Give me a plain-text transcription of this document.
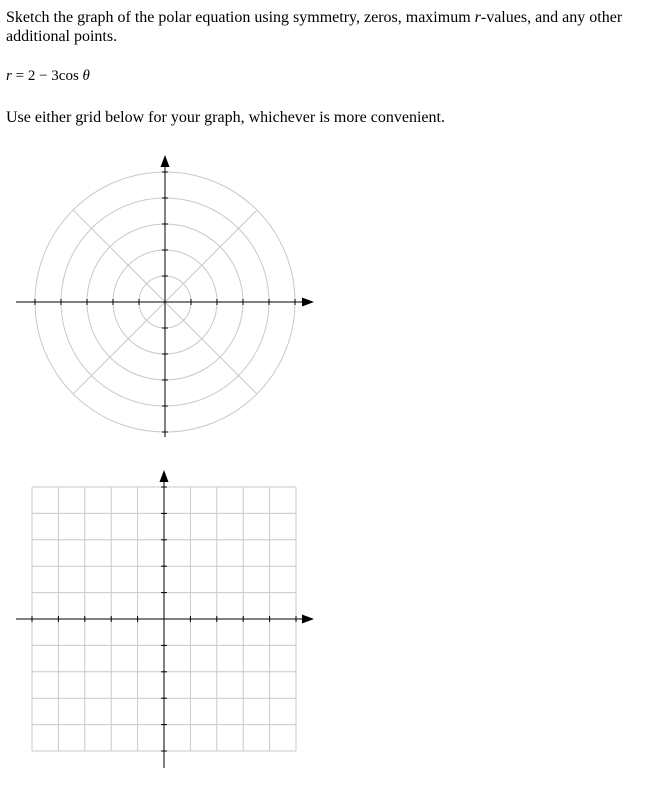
Sketch the graph of the polar equation using symmetry, zeros, maximum r-values, and any other additional points.

r = 2 − 3cos θ

Use either grid below for your graph, whichever is more convenient.
